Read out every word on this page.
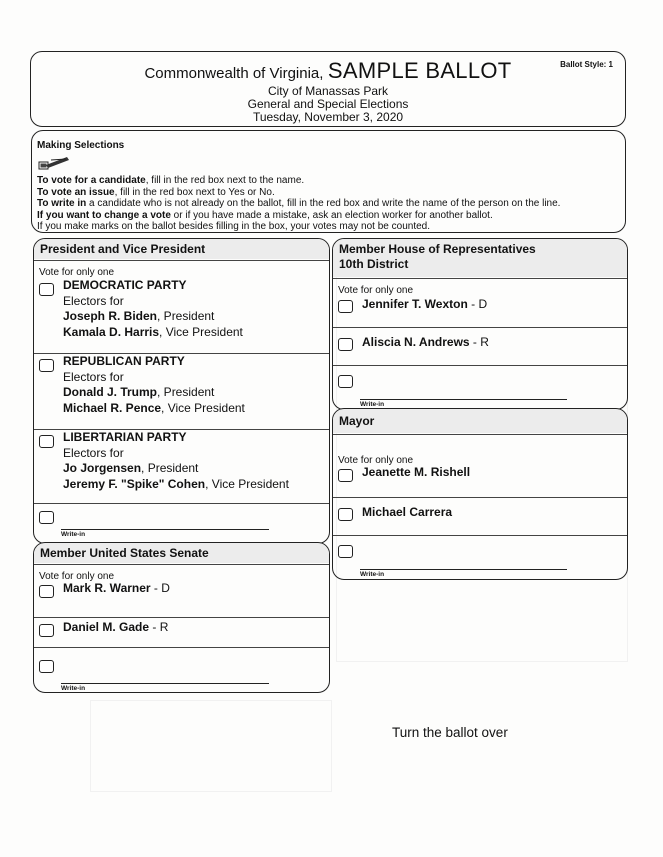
Commonwealth of Virginia, SAMPLE BALLOT	Ballot Style: 1
City of Manassas Park
General and Special Elections
Tuesday, November 3, 2020
Making Selections
To vote for a candidate, fill in the red box next to the name.
To vote an issue, fill in the red box next to Yes or No.
To write in a candidate who is not already on the ballot, fill in the red box and write the name of the person on the line.
If you want to change a vote or if you have made a mistake, ask an election worker for another ballot.
If you make marks on the ballot besides filling in the box, your votes may not be counted.
President and Vice President
Vote for only one
DEMOCRATIC PARTY
Electors for
Joseph R. Biden, President
Kamala D. Harris, Vice President
REPUBLICAN PARTY
Electors for
Donald J. Trump, President
Michael R. Pence, Vice President
LIBERTARIAN PARTY
Electors for
Jo Jorgensen, President
Jeremy F. "Spike" Cohen, Vice President
Write-in
Member United States Senate
Vote for only one
Mark R. Warner - D
Daniel M. Gade - R
Write-in
Member House of Representatives
10th District
Vote for only one
Jennifer T. Wexton - D
Aliscia N. Andrews - R
Write-in
Mayor
Vote for only one
Jeanette M. Rishell
Michael Carrera
Write-in
Turn the ballot over
